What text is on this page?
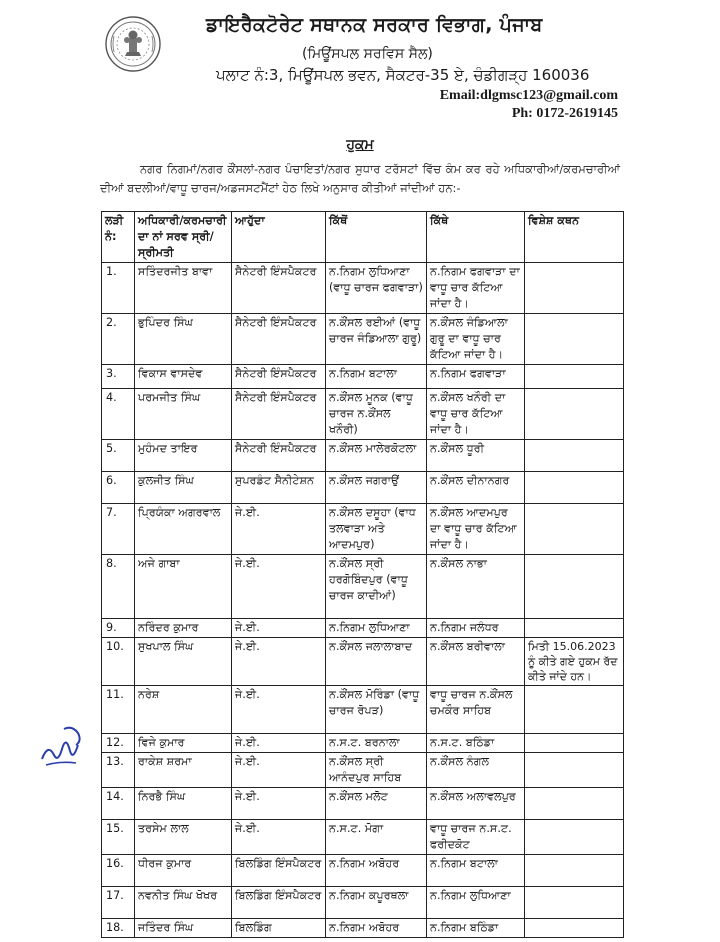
ਡਾਇਰੈਕਟੋਰੇਟ ਸਥਾਨਕ ਸਰਕਾਰ ਵਿਭਾਗ, ਪੰਜਾਬ
(ਮਿਊਂਸਪਲ ਸਰਵਿਸ ਸੈਲ)
ਪਲਾਟ ਨੰ:3, ਮਿਊਂਸਪਲ ਭਵਨ, ਸੈਕਟਰ-35 ਏ, ਚੰਡੀਗੜ੍ਹ 160036
Email:dlgmsc123@gmail.com
Ph: 0172-2619145
ਹੁਕਮ
ਨਗਰ ਨਿਗਮਾਂ/ਨਗਰ ਕੌਂਸਲਾਂ-ਨਗਰ ਪੰਚਾਇਤਾਂ/ਨਗਰ ਸੁਧਾਰ ਟਰੱਸਟਾਂ ਵਿੱਚ ਕੰਮ ਕਰ ਰਹੇ ਅਧਿਕਾਰੀਆਂ/ਕਰਮਚਾਰੀਆਂ ਦੀਆਂ ਬਦਲੀਆਂ/ਵਾਧੂ ਚਾਰਜ/ਅਡਜਸਟਮੈਂਟਾਂ ਹੇਠ ਲਿਖੇ ਅਨੁਸਾਰ ਕੀਤੀਆਂ ਜਾਂਦੀਆਂ ਹਨ:-
ਲੜੀ ਨੰ:	ਅਧਿਕਾਰੀ/ਕਰਮਚਾਰੀ ਦਾ ਨਾਂ ਸਰਵ ਸ੍ਰੀ/ਸ੍ਰੀਮਤੀ	ਆਹੁੱਦਾ	ਕਿੱਥੋਂ	ਕਿੱਥੇ	ਵਿਸ਼ੇਸ਼ ਕਥਨ
1.	ਸਤਿੰਦਰਜੀਤ ਬਾਵਾ	ਸੈਨੇਟਰੀ ਇੰਸਪੈਕਟਰ	ਨ.ਨਿਗਮ ਲੁਧਿਆਣਾ (ਵਾਧੂ ਚਾਰਜ ਫਗਵਾੜਾ)	ਨ.ਨਿਗਮ ਫਗਵਾੜਾ ਦਾ ਵਾਧੂ ਚਾਰ ਕੱਟਿਆ ਜਾਂਦਾ ਹੈ।	
2.	ਭੁਪਿੰਦਰ ਸਿੰਘ	ਸੈਨੇਟਰੀ ਇੰਸਪੈਕਟਰ	ਨ.ਕੌਂਸਲ ਰਈਆਂ (ਵਾਧੂ ਚਾਰਜ ਜੰਡਿਆਲਾ ਗੁਰੂ)	ਨ.ਕੌਂਸਲ ਜੰਡਿਆਲਾ ਗੁਰੂ ਦਾ ਵਾਧੂ ਚਾਰ ਕੱਟਿਆ ਜਾਂਦਾ ਹੈ।	
3.	ਵਿਕਾਸ ਵਾਸਦੇਵ	ਸੈਨੇਟਰੀ ਇੰਸਪੈਕਟਰ	ਨ.ਨਿਗਮ ਬਟਾਲਾ	ਨ.ਨਿਗਮ ਫਗਵਾੜਾ	
4.	ਪਰਮਜੀਤ ਸਿੰਘ	ਸੈਨੇਟਰੀ ਇੰਸਪੈਕਟਰ	ਨ.ਕੌਂਸਲ ਮੂਨਕ (ਵਾਧੂ ਚਾਰਜ ਨ.ਕੌਂਸਲ ਖਨੌਰੀ)	ਨ.ਕੌਂਸਲ ਖਨੌਰੀ ਦਾ ਵਾਧੂ ਚਾਰ ਕੱਟਿਆ ਜਾਂਦਾ ਹੈ।	
5.	ਮੁਹੰਮਦ ਤਾਇਰ	ਸੈਨੇਟਰੀ ਇੰਸਪੈਕਟਰ	ਨ.ਕੌਂਸਲ ਮਾਲੇਰਕੋਟਲਾ	ਨ.ਕੌਂਸਲ ਧੂਰੀ	
6.	ਕੁਲਜੀਤ ਸਿੰਘ	ਸੁਪਰਡੰਟ ਸੈਨੀਟੇਸ਼ਨ	ਨ.ਕੌਂਸਲ ਜਗਰਾਉਂ	ਨ.ਕੌਂਸਲ ਦੀਨਾਨਗਰ	
7.	ਪ੍ਰਿਯੰਕਾ ਅਗਰਵਾਲ	ਜੇ.ਈ.	ਨ.ਕੌਂਸਲ ਦਸੂਹਾ (ਵਾਧ ਤਲਵਾੜਾ ਅਤੇ ਆਦਮਪੁਰ)	ਨ.ਕੌਂਸਲ ਆਦਮਪੁਰ ਦਾ ਵਾਧੂ ਚਾਰ ਕੱਟਿਆ ਜਾਂਦਾ ਹੈ।	
8.	ਅਜੇ ਗਾਬਾ	ਜੇ.ਈ.	ਨ.ਕੌਂਸਲ ਸ੍ਰੀ ਹਰਗੋਬਿੰਦਪੁਰ (ਵਾਧੂ ਚਾਰਜ ਕਾਦੀਆਂ)	ਨ.ਕੌਂਸਲ ਨਾਭਾ	
9.	ਨਰਿੰਦਰ ਕੁਮਾਰ	ਜੇ.ਈ.	ਨ.ਨਿਗਮ ਲੁਧਿਆਣਾ	ਨ.ਨਿਗਮ ਜਲੰਧਰ	
10.	ਸੁਖਪਾਲ ਸਿੰਘ	ਜੇ.ਈ.	ਨ.ਕੌਂਸਲ ਜਲਾਲਾਬਾਦ	ਨ.ਕੌਂਸਲ ਬਰੀਵਾਲਾ	ਮਿਤੀ 15.06.2023 ਨੂੰ ਕੀਤੇ ਗਏ ਹੁਕਮ ਰੱਦ ਕੀਤੇ ਜਾਂਦੇ ਹਨ।
11.	ਨਰੇਸ਼	ਜੇ.ਈ.	ਨ.ਕੌਂਸਲ ਮੋਰਿੰਡਾ (ਵਾਧੂ ਚਾਰਜ ਰੋਪੜ)	ਵਾਧੂ ਚਾਰਜ ਨ.ਕੌਂਸਲ ਚਮਕੌਰ ਸਾਹਿਬ	
12.	ਵਿਜੇ ਕੁਮਾਰ	ਜੇ.ਈ.	ਨ.ਸ.ਟ. ਬਰਨਾਲਾ	ਨ.ਸ.ਟ. ਬਠਿੰਡਾ	
13.	ਰਾਕੇਸ਼ ਸ਼ਰਮਾ	ਜੇ.ਈ.	ਨ.ਕੌਂਸਲ ਸ੍ਰੀ ਆਨੰਦਪੁਰ ਸਾਹਿਬ	ਨ.ਕੌਂਸਲ ਨੰਗਲ	
14.	ਨਿਰਭੈ ਸਿੰਘ	ਜੇ.ਈ.	ਨ.ਕੌਂਸਲ ਮਲੋਟ	ਨ.ਕੌਂਸਲ ਅਲਾਵਲਪੁਰ	
15.	ਤਰਸੇਮ ਲਾਲ	ਜੇ.ਈ.	ਨ.ਸ.ਟ. ਮੋਗਾ	ਵਾਧੂ ਚਾਰਜ ਨ.ਸ.ਟ. ਫਰੀਦਕੋਟ	
16.	ਧੀਰਜ ਕੁਮਾਰ	ਬਿਲਡਿੰਗ ਇੰਸਪੈਕਟਰ	ਨ.ਨਿਗਮ ਅਬੋਹਰ	ਨ.ਨਿਗਮ ਬਟਾਲਾ	
17.	ਨਵਨੀਤ ਸਿੰਘ ਖੋਖਰ	ਬਿਲਡਿੰਗ ਇੰਸਪੈਕਟਰ	ਨ.ਨਿਗਮ ਕਪੂਰਥਲਾ	ਨ.ਨਿਗਮ ਲੁਧਿਆਣਾ	
18.	ਜਤਿੰਦਰ ਸਿੰਘ	ਬਿਲਡਿੰਗ	ਨ.ਨਿਗਮ ਅਬੋਹਰ	ਨ.ਨਿਗਮ ਬਠਿੰਡਾ	
